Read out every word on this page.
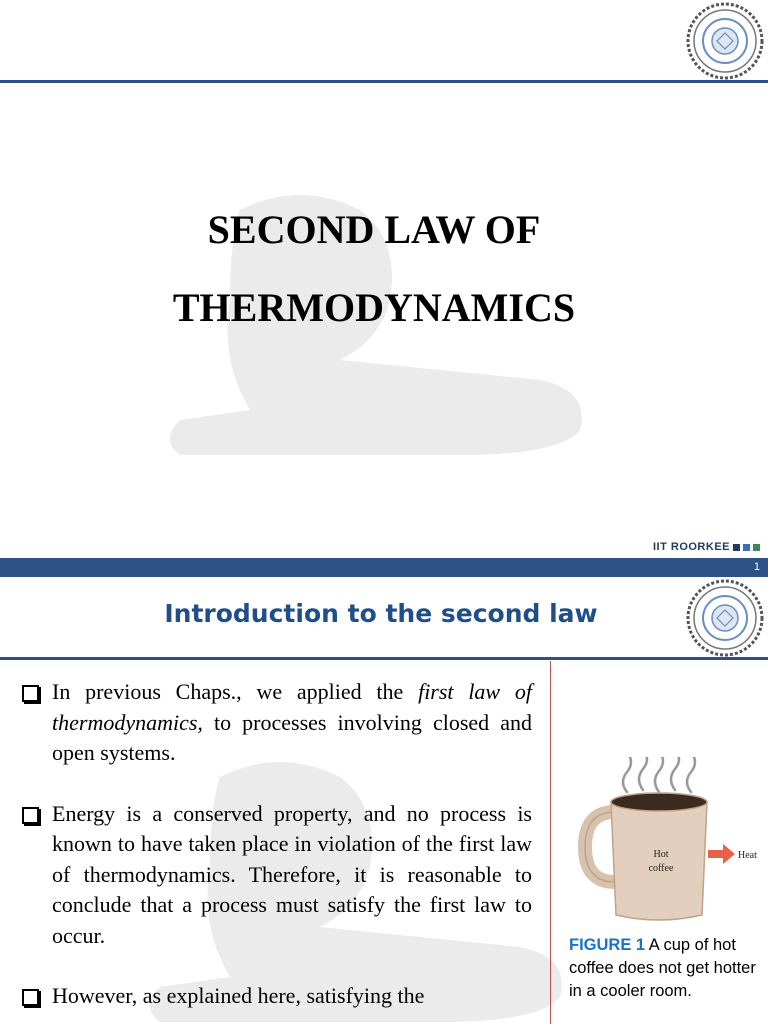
SECOND LAW OF
THERMODYNAMICS
IIT ROORKEE
1
Introduction to the second law
In previous Chaps., we applied the first law of thermodynamics, to processes involving closed and open systems.
Energy is a conserved property, and no process is known to have taken place in violation of the first law of thermodynamics. Therefore, it is reasonable to conclude that a process must satisfy the first law to occur.
However, as explained here, satisfying the
Hot
coffee
Heat
FIGURE 1 A cup of hot coffee does not get hotter in a cooler room.
